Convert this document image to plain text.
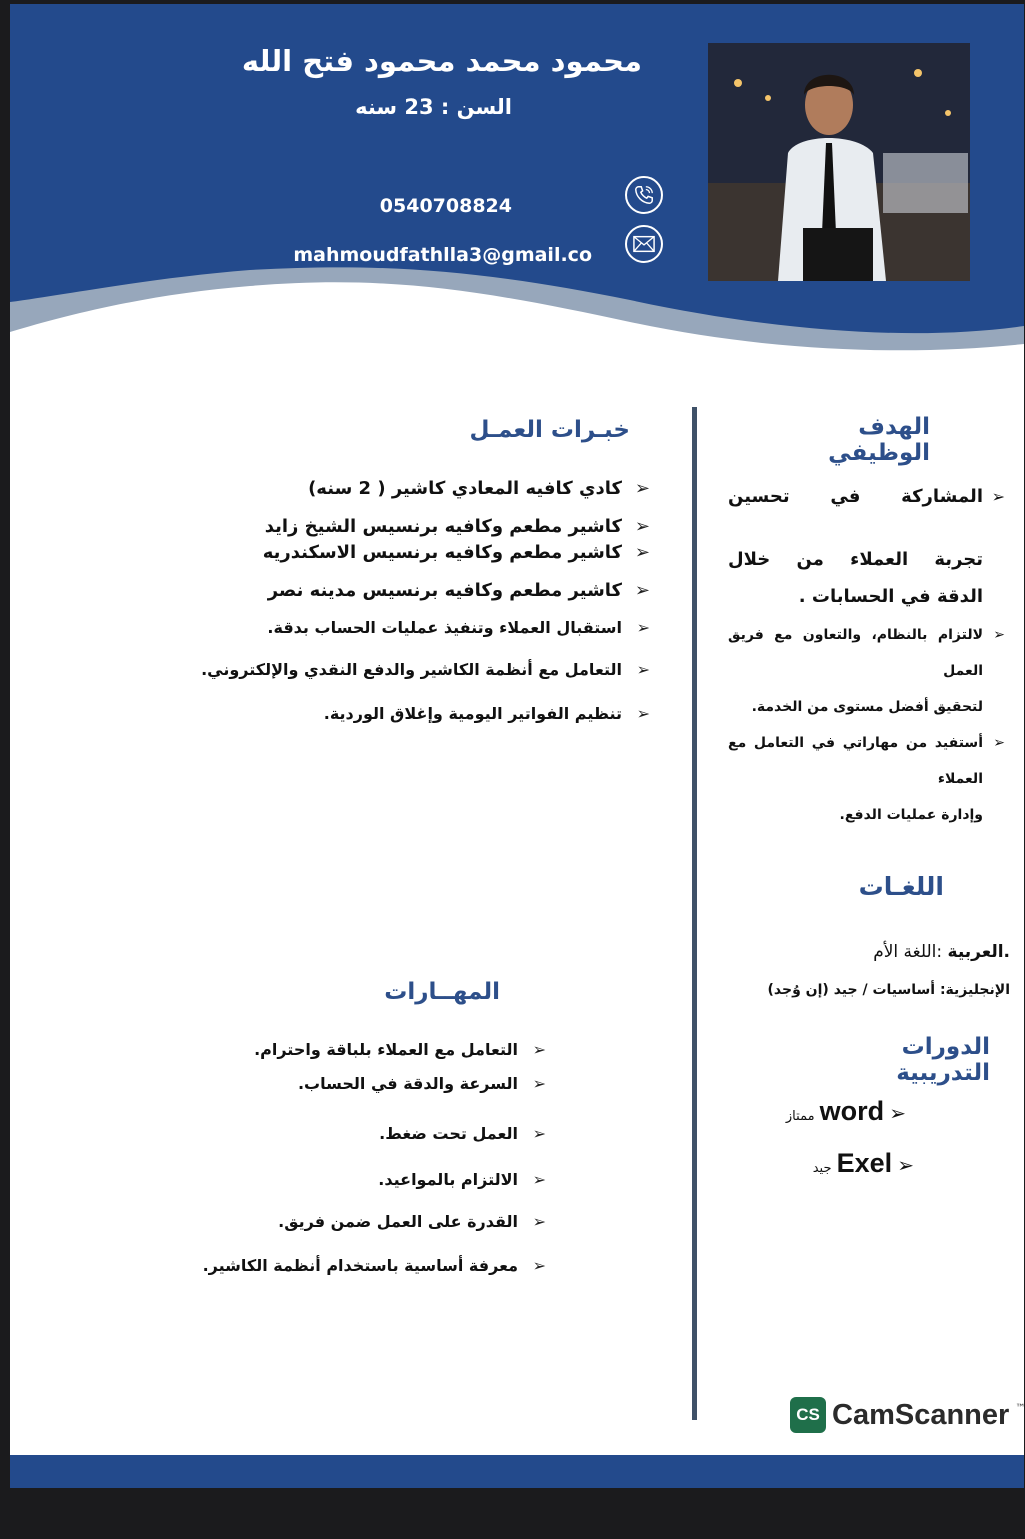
محمود محمد محمود فتح الله
السن : 23 سنه
0540708824
mahmoudfathlla3@gmail.co
الهدف الوظيفي
➢
المشاركة في تحسين
تجربة العملاء من خلال
الدقة في الحسابات .
➢
لالتزام بالنظام، والتعاون مع فريق العمل
لتحقيق أفضل مستوى من الخدمة.
➢
أستفيد من مهاراتي في التعامل مع العملاء
وإدارة عمليات الدفع.
خبـرات العمـل
➢
كادي كافيه المعادي كاشير ( 2 سنه)
➢
كاشير مطعم وكافيه برنسيس الشيخ زايد
➢
كاشير مطعم وكافيه برنسيس الاسكندريه
➢
كاشير مطعم وكافيه برنسيس مدينه نصر
➢
استقبال العملاء وتنفيذ عمليات الحساب بدقة.
➢
التعامل مع أنظمة الكاشير والدفع النقدي والإلكتروني.
➢
تنظيم الفواتير اليومية وإغلاق الوردية.
اللغـات
.العربية :اللغة الأم
الإنجليزية: أساسيات / جيد (إن وُجد)
الدورات التدريبية
➢ word ممتاز
➢ Exel جيد
المهــارات
➢
التعامل مع العملاء بلباقة واحترام.
➢
السرعة والدقة في الحساب.
➢
العمل تحت ضغط.
➢
الالتزام بالمواعيد.
➢
القدرة على العمل ضمن فريق.
➢
معرفة أساسية باستخدام أنظمة الكاشير.
CS CamScanner ™
